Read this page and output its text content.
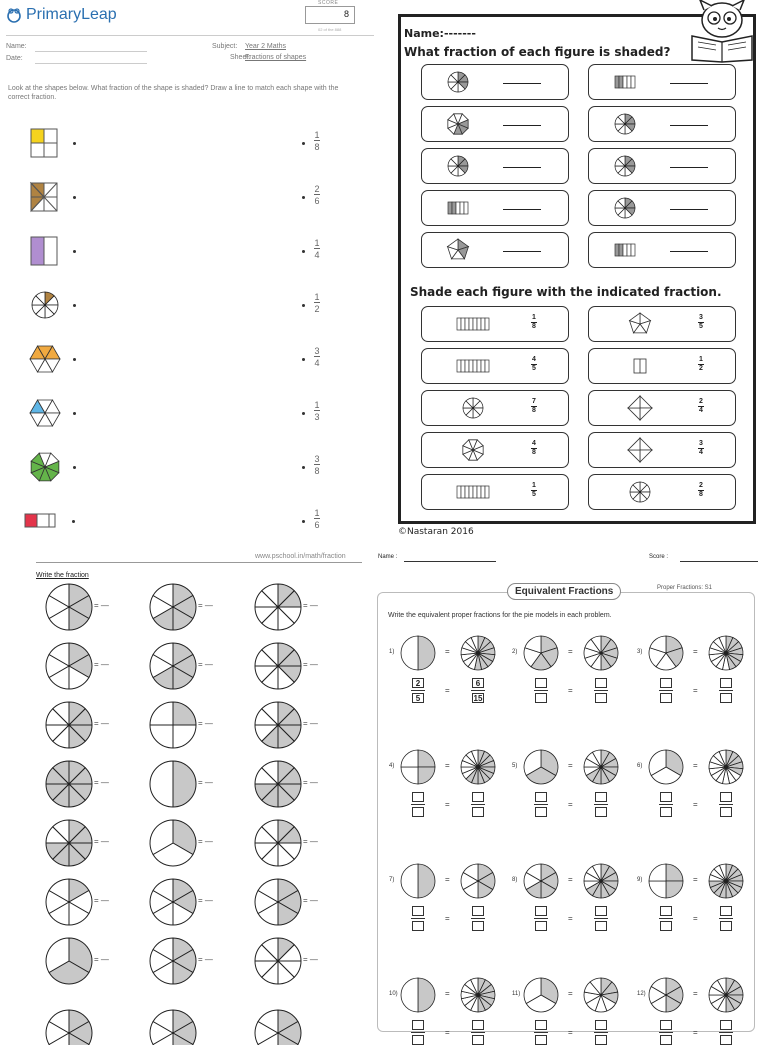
PrimaryLeap
SCORE
8
02 of the 888
Name:
Date:
Subject: Year 2 Maths
Sheet:
Fractions of shapes
Look at the shapes below. What fraction of the shape is shaded? Draw a line to match each shape with the correct fraction.
1
8
2
6
1
4
1
2
3
4
1
3
3
8
1
6
Name:-------
What fraction of each figure is shaded?
Shade each figure with the indicated fraction.
1
8
3
5
4
5
1
2
7
8
2
4
4
8
3
4
1
5
2
8
©Nastaran 2016
www.pschool.in/math/fraction
Write the fraction
= —	= —	= —
= —	= —	= —
= —	= —	= —
= —	= —	= —
= —	= —	= —
= —	= —	= —
= —	= —	= —
Name :	Score :
Equivalent Fractions	Proper Fractions: S1
Write the equivalent proper fractions for the pie models in each problem.
1)	=
2
5
6
15
=
2)	=
=
3)	=
=
4)	=
=
5)	=
=
6)	=
=
7)	=
=
8)	=
=
9)	=
=
10)	=
=
11)	=
=
12)	=
=
